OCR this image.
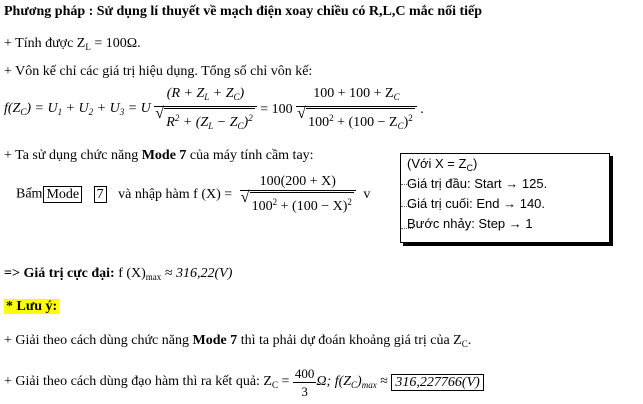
Phương pháp : Sử dụng lí thuyết về mạch điện xoay chiều có R,L,C mắc nối tiếp
+ Tính được $Z_L = 100\Omega$.
+ Vôn kế chỉ các giá trị hiệu dụng. Tổng số chỉ vôn kế:
$f(Z_C) = U_1 + U_2 + U_3 = U$ $(R + Z_L + Z_C)$
√ $R^2 + (Z_L - Z_C)^2 = 100$ $100 + 100 + Z_C$
√ $100^2 + (100 - Z_C)^2$ .
+ Ta sử dụng chức năng Mode 7 của máy tính cầm tay:
Bấm Mode 7 và nhập hàm f (X) = 100(200 + X)
√ $100^2 + (100 - X)^2$ v
(Với $X = Z_C$)
Giá trị đầu: Start → 125.
Giá trị cuối: End → 140.
Bước nhảy: Step → 1
=> Giá trị cực đại: f $(X)_{max} \approx 316,22(V)$
* Lưu ý:
+ Giải theo cách dùng chức năng Mode 7 thì ta phải dự đoán khoảng giá trị của $Z_C$.
+ Giải theo cách dùng đạo hàm thì ra kết quả: $Z_C = \frac{400}{3} \Omega$; $f(Z_C)_{max} \approx 316,227766(V)$
